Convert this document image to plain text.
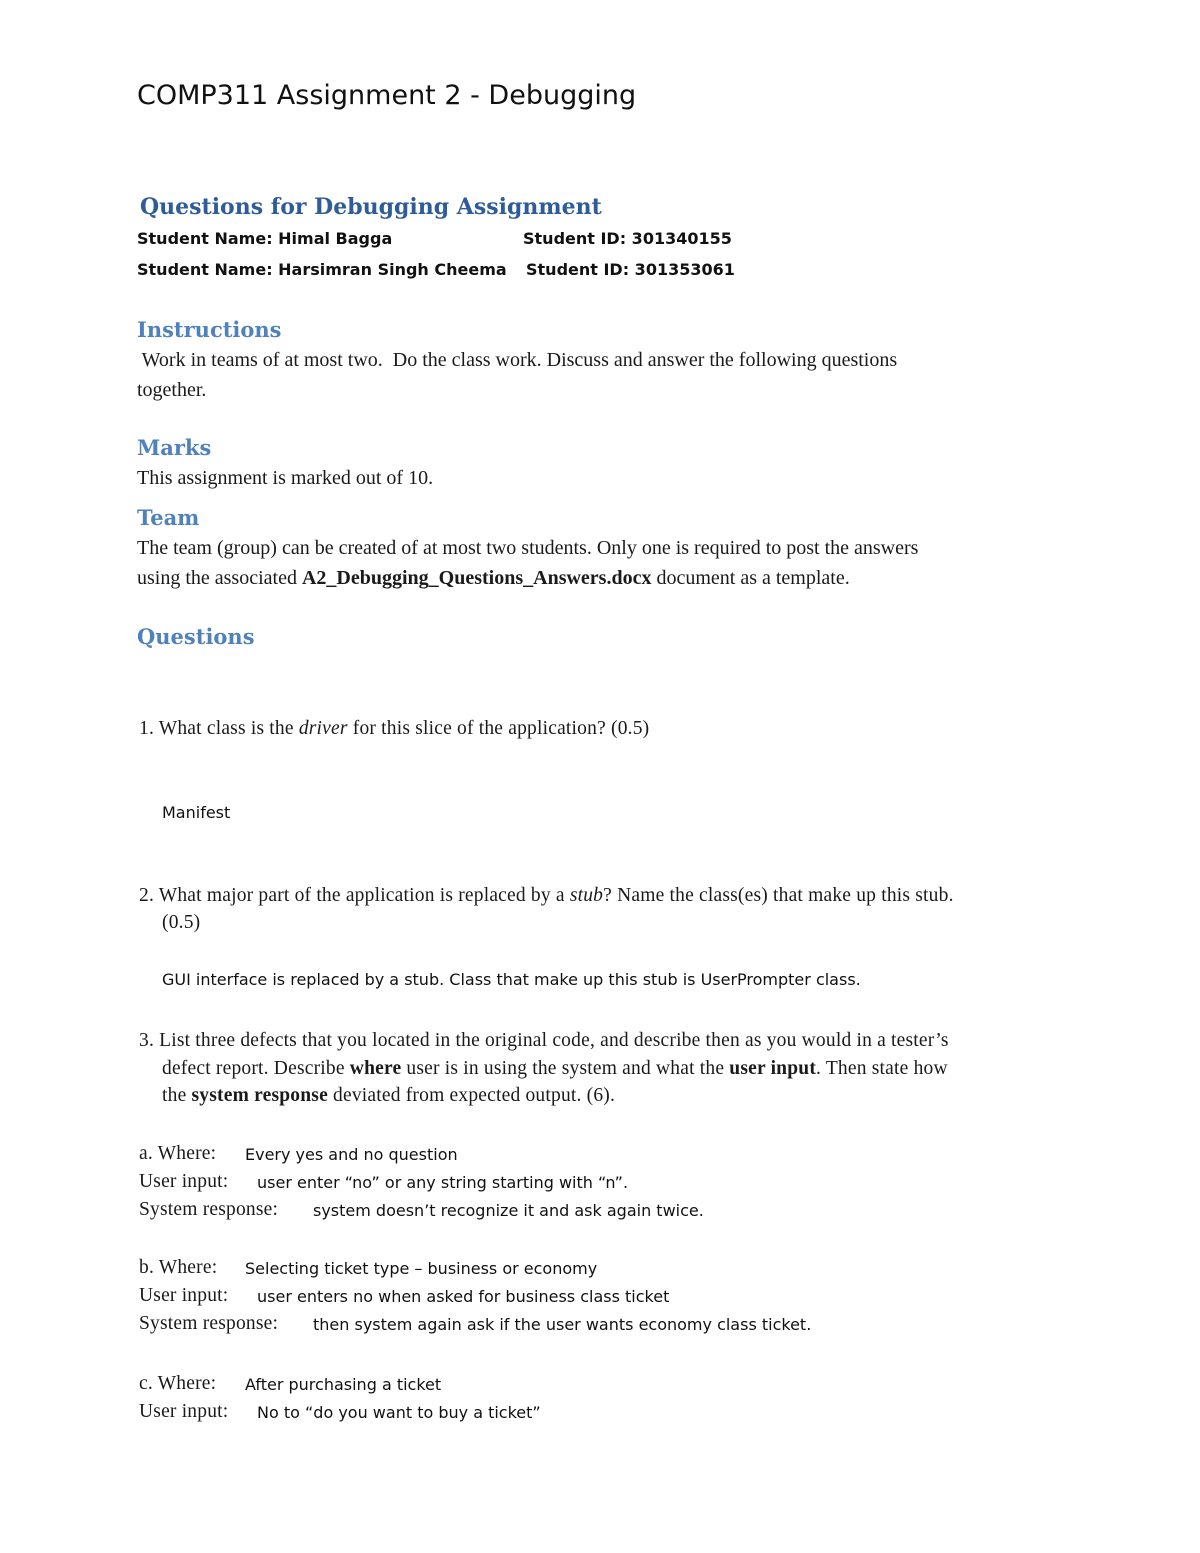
COMP311 Assignment 2 - Debugging
Questions for Debugging Assignment
Student Name: Himal Bagga	Student ID: 301340155
Student Name: Harsimran Singh Cheema Student ID: 301353061
Instructions
Work in teams of at most two.  Do the class work. Discuss and answer the following questions
together.
Marks
This assignment is marked out of 10.
Team
The team (group) can be created of at most two students. Only one is required to post the answers
using the associated A2_Debugging_Questions_Answers.docx document as a template.
Questions
1. What class is the driver for this slice of the application? (0.5)
Manifest
2. What major part of the application is replaced by a stub? Name the class(es) that make up this stub.
(0.5)
GUI interface is replaced by a stub. Class that make up this stub is UserPrompter class.
3. List three defects that you located in the original code, and describe then as you would in a tester’s
defect report. Describe where user is in using the system and what the user input. Then state how
the system response deviated from expected output. (6).
a. Where: Every yes and no question
User input: user enter “no” or any string starting with “n”.
System response: system doesn’t recognize it and ask again twice.
b. Where: Selecting ticket type – business or economy
User input: user enters no when asked for business class ticket
System response: then system again ask if the user wants economy class ticket.
c. Where: After purchasing a ticket
User input: No to “do you want to buy a ticket”
